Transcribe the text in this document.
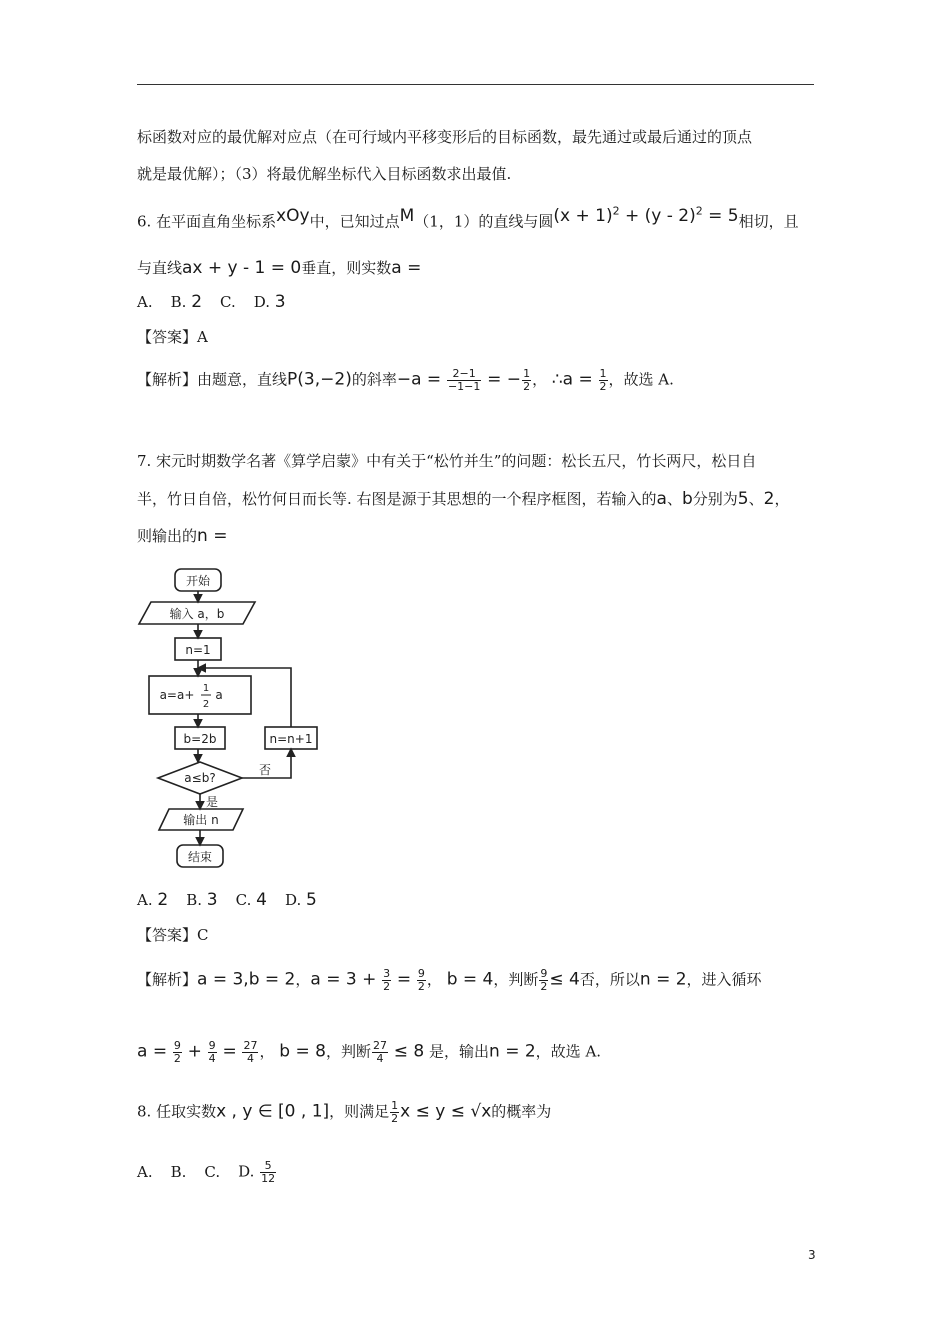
标函数对应的最优解对应点（在可行域内平移变形后的目标函数，最先通过或最后通过的顶点
就是最优解）；（3）将最优解坐标代入目标函数求出最值.
6. 在平面直角坐标系xOy中，已知过点M（1，1）的直线与圆$(x + 1)^2 + (y - 2)^2 = 5$相切，且
与直线ax + y - 1 = 0垂直，则实数a =
A. B. 2 C. D. 3
【答案】A
【解析】由题意，直线P(3,−2)的斜率$-a = \frac{2-1}{-1-1}$ = − $\frac{1}{2}$ ， ∴a = $\frac{1}{2}$ ，故选 A.
7. 宋元时期数学名著《算学启蒙》中有关于“松竹并生”的问题：松长五尺，竹长两尺，松日自
半，竹日自倍，松竹何日而长等. 右图是源于其思想的一个程序框图，若输入的a、b分别为5、2，
则输出的n =
开始
输入 a，b
n=1
a=a+ 1
2
a
b=2b	n=n+1
a≤b?
否
是
输出 n
结束
A. 2 B. 3 C. 4 D. 5
【答案】C
【解析】a = 3,b = 2，$a = 3 + \frac{3}{2} = \frac{9}{2}$ ， b = 4，判断 $\frac{9}{2} \le 4$否，所以n = 2，进入循环
$a = \frac{9}{2} + \frac{9}{4} = \frac{27}{4}$ ， b = 8，判断 $\frac{27}{4} \le 8$ 是，输出n = 2，故选 A.
8. 任取实数x , y ∈ [0 , 1]，则满足 $\frac{1}{2}$ x ≤ y ≤ √x的概率为
A. B. C. D. $\frac{5}{12}$
3
